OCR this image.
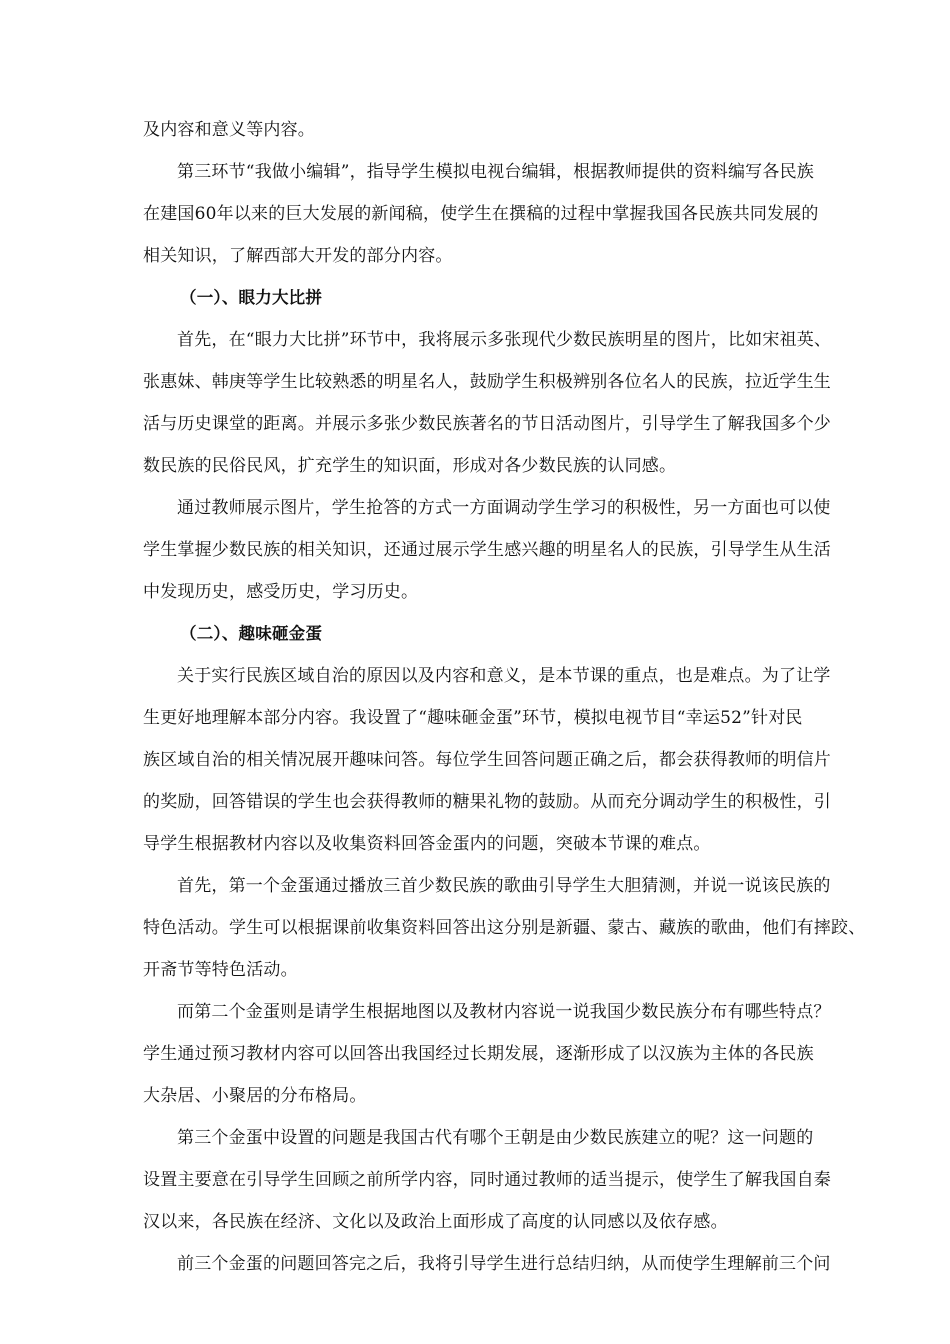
及内容和意义等内容。
第三环节“我做小编辑”，指导学生模拟电视台编辑，根据教师提供的资料编写各民族
在建国60年以来的巨大发展的新闻稿，使学生在撰稿的过程中掌握我国各民族共同发展的
相关知识，了解西部大开发的部分内容。
（一）、眼力大比拼
首先，在“眼力大比拼”环节中，我将展示多张现代少数民族明星的图片，比如宋祖英、
张惠妹、韩庚等学生比较熟悉的明星名人，鼓励学生积极辨别各位名人的民族，拉近学生生
活与历史课堂的距离。并展示多张少数民族著名的节日活动图片，引导学生了解我国多个少
数民族的民俗民风，扩充学生的知识面，形成对各少数民族的认同感。
通过教师展示图片，学生抢答的方式一方面调动学生学习的积极性，另一方面也可以使
学生掌握少数民族的相关知识，还通过展示学生感兴趣的明星名人的民族，引导学生从生活
中发现历史，感受历史，学习历史。
（二）、趣味砸金蛋
关于实行民族区域自治的原因以及内容和意义，是本节课的重点，也是难点。为了让学
生更好地理解本部分内容。我设置了“趣味砸金蛋”环节，模拟电视节目“幸运52”针对民
族区域自治的相关情况展开趣味问答。每位学生回答问题正确之后，都会获得教师的明信片
的奖励，回答错误的学生也会获得教师的糖果礼物的鼓励。从而充分调动学生的积极性，引
导学生根据教材内容以及收集资料回答金蛋内的问题，突破本节课的难点。
首先，第一个金蛋通过播放三首少数民族的歌曲引导学生大胆猜测，并说一说该民族的
特色活动。学生可以根据课前收集资料回答出这分别是新疆、蒙古、藏族的歌曲，他们有摔跤、
开斋节等特色活动。
而第二个金蛋则是请学生根据地图以及教材内容说一说我国少数民族分布有哪些特点？
学生通过预习教材内容可以回答出我国经过长期发展，逐渐形成了以汉族为主体的各民族
大杂居、小聚居的分布格局。
第三个金蛋中设置的问题是我国古代有哪个王朝是由少数民族建立的呢？这一问题的
设置主要意在引导学生回顾之前所学内容，同时通过教师的适当提示，使学生了解我国自秦
汉以来，各民族在经济、文化以及政治上面形成了高度的认同感以及依存感。
前三个金蛋的问题回答完之后，我将引导学生进行总结归纳，从而使学生理解前三个问
